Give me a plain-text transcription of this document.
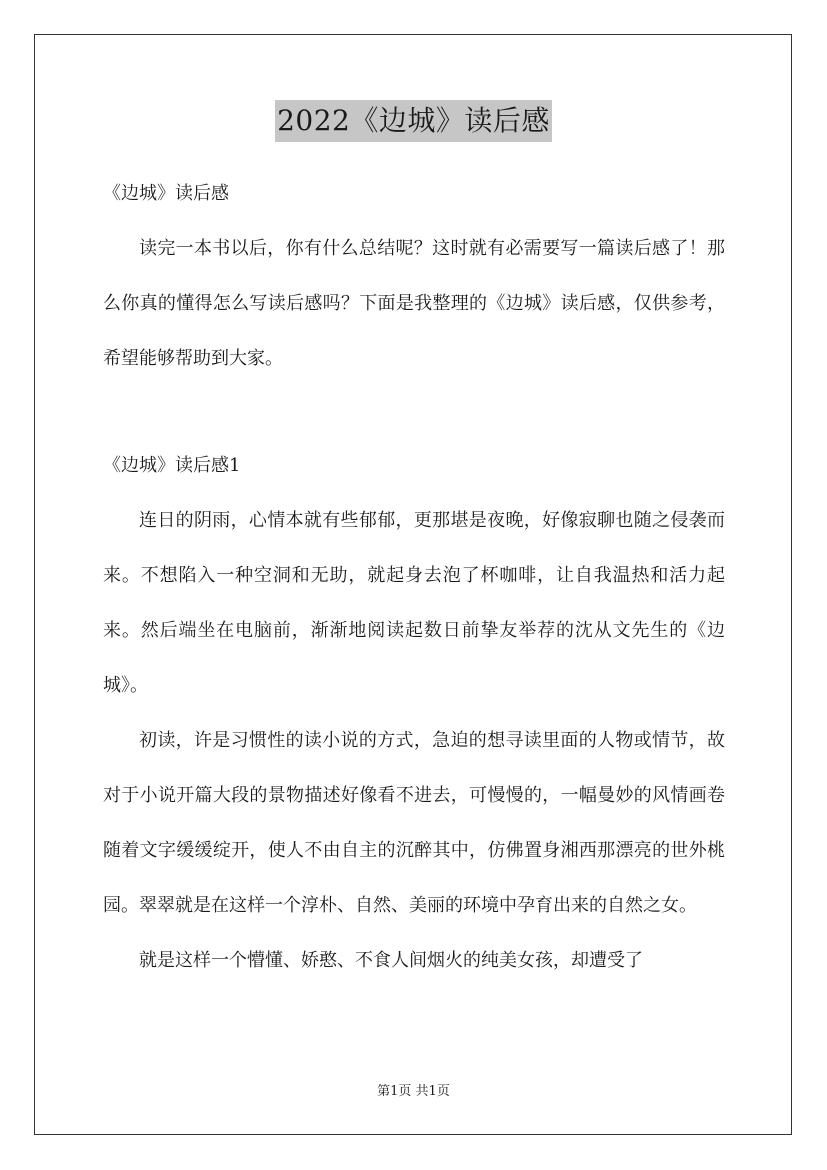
2022《边城》读后感
《边城》读后感

读完一本书以后，你有什么总结呢？这时就有必需要写一篇读后感了！那么你真的懂得怎么写读后感吗？下面是我整理的《边城》读后感，仅供参考，希望能够帮助到大家。

《边城》读后感1

连日的阴雨，心情本就有些郁郁，更那堪是夜晚，好像寂聊也随之侵袭而来。不想陷入一种空洞和无助，就起身去泡了杯咖啡，让自我温热和活力起来。然后端坐在电脑前，渐渐地阅读起数日前挚友举荐的沈从文先生的《边城》。

初读，许是习惯性的读小说的方式，急迫的想寻读里面的人物或情节，故对于小说开篇大段的景物描述好像看不进去，可慢慢的，一幅曼妙的风情画卷随着文字缓缓绽开，使人不由自主的沉醉其中，仿佛置身湘西那漂亮的世外桃园。翠翠就是在这样一个淳朴、自然、美丽的环境中孕育出来的自然之女。

就是这样一个懵懂、娇憨、不食人间烟火的纯美女孩，却遭受了

第1页 共1页
